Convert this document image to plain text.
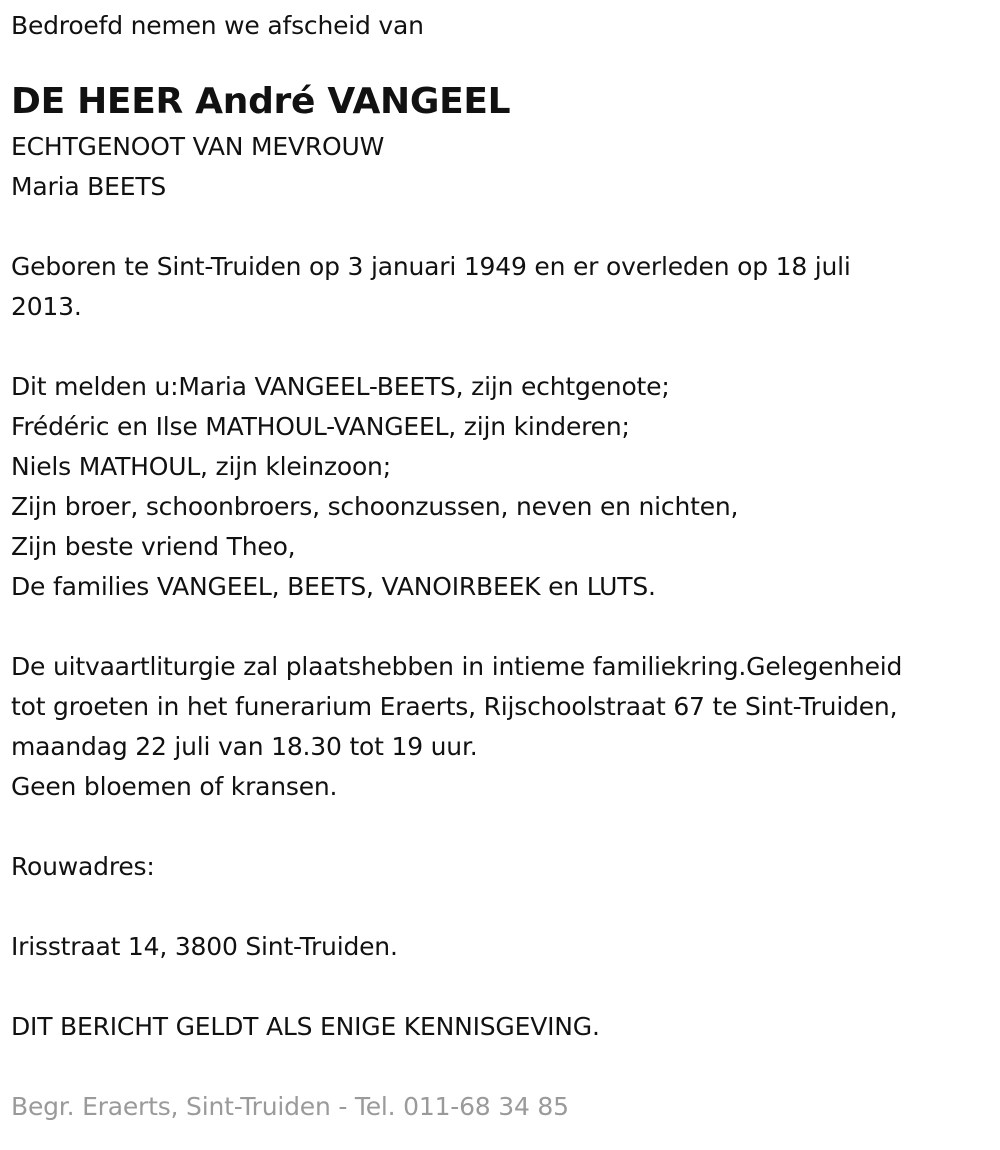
Bedroefd nemen we afscheid van
DE HEER André VANGEEL
ECHTGENOOT VAN MEVROUW
Maria BEETS
Geboren te Sint-Truiden op 3 januari 1949 en er overleden op 18 juli
2013.
Dit melden u:Maria VANGEEL-BEETS, zijn echtgenote;
Frédéric en Ilse MATHOUL-VANGEEL, zijn kinderen;
Niels MATHOUL, zijn kleinzoon;
Zijn broer, schoonbroers, schoonzussen, neven en nichten,
Zijn beste vriend Theo,
De families VANGEEL, BEETS, VANOIRBEEK en LUTS.
De uitvaartliturgie zal plaatshebben in intieme familiekring.Gelegenheid
tot groeten in het funerarium Eraerts, Rijschoolstraat 67 te Sint-Truiden,
maandag 22 juli van 18.30 tot 19 uur.
Geen bloemen of kransen.
Rouwadres:
Irisstraat 14, 3800 Sint-Truiden.
DIT BERICHT GELDT ALS ENIGE KENNISGEVING.
Begr. Eraerts, Sint-Truiden - Tel. 011-68 34 85
